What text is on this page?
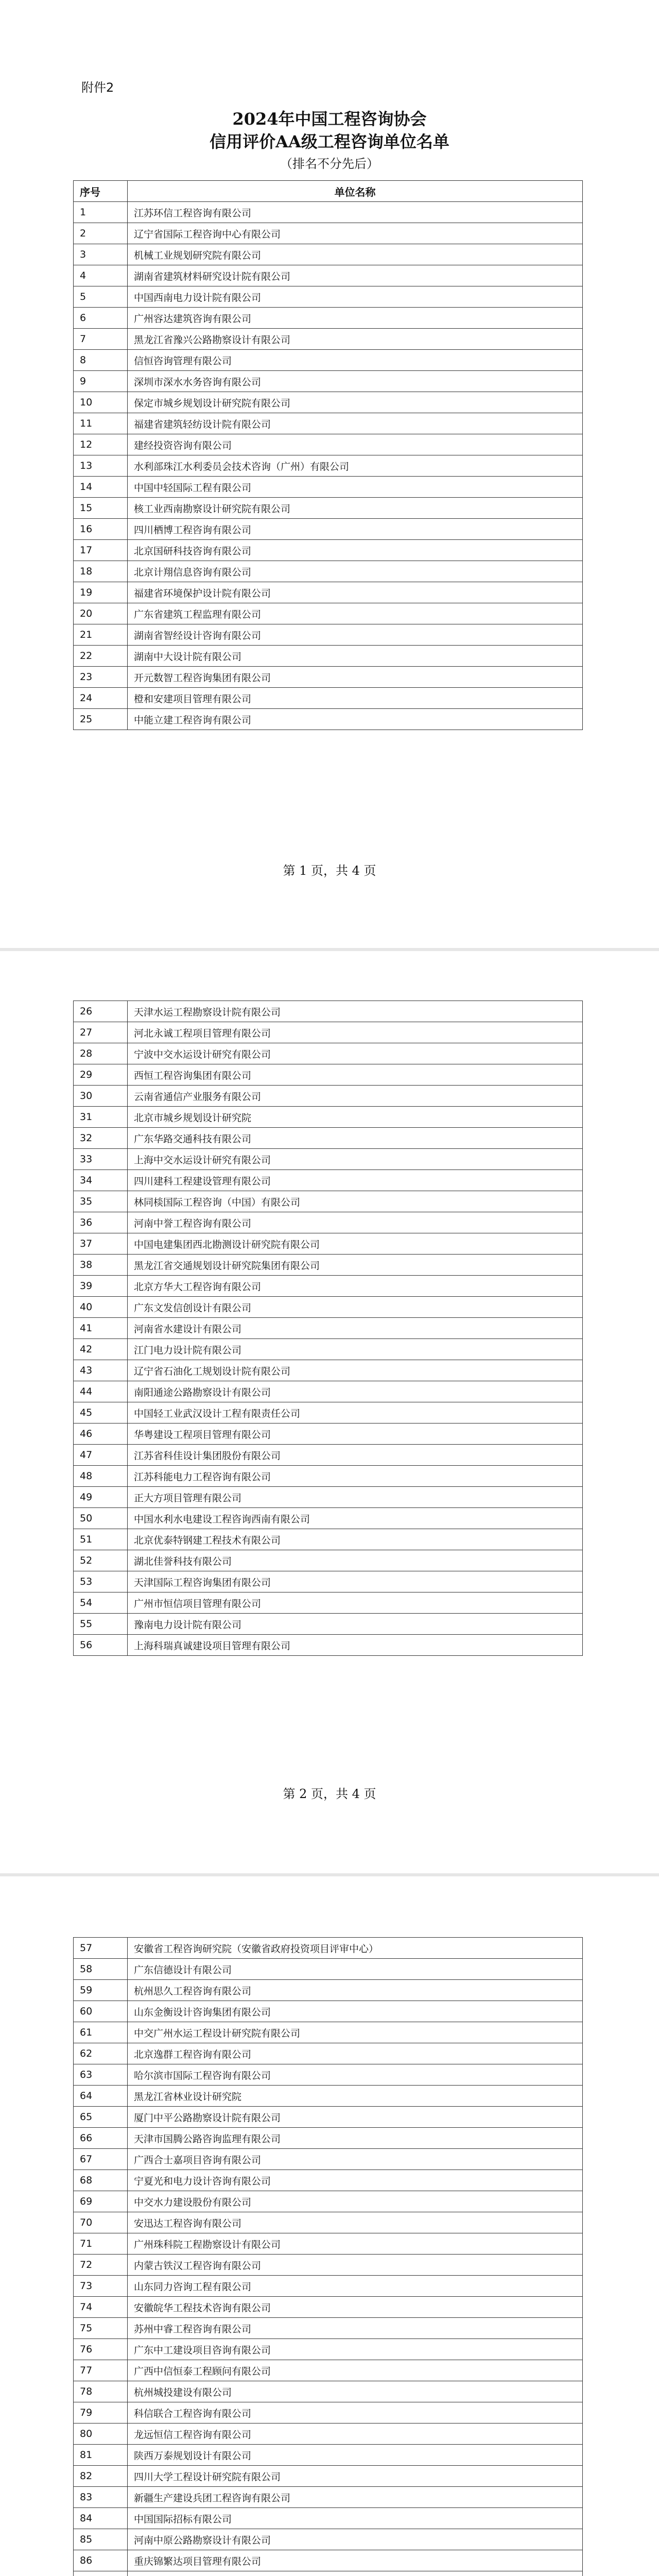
附件2
2024年中国工程咨询协会
信用评价AA级工程咨询单位名单
（排名不分先后）
序号	单位名称
1	江苏环信工程咨询有限公司
2	辽宁省国际工程咨询中心有限公司
3	机械工业规划研究院有限公司
4	湖南省建筑材料研究设计院有限公司
5	中国西南电力设计院有限公司
6	广州容达建筑咨询有限公司
7	黑龙江省豫兴公路勘察设计有限公司
8	信恒咨询管理有限公司
9	深圳市深水水务咨询有限公司
10	保定市城乡规划设计研究院有限公司
11	福建省建筑轻纺设计院有限公司
12	建经投资咨询有限公司
13	水利部珠江水利委员会技术咨询（广州）有限公司
14	中国中轻国际工程有限公司
15	核工业西南勘察设计研究院有限公司
16	四川栖博工程咨询有限公司
17	北京国研科技咨询有限公司
18	北京计翔信息咨询有限公司
19	福建省环境保护设计院有限公司
20	广东省建筑工程监理有限公司
21	湖南省智经设计咨询有限公司
22	湖南中大设计院有限公司
23	开元数智工程咨询集团有限公司
24	橙和安建项目管理有限公司
25	中能立建工程咨询有限公司
第 1 页，共 4 页
26	天津水运工程勘察设计院有限公司
27	河北永诚工程项目管理有限公司
28	宁波中交水运设计研究有限公司
29	西恒工程咨询集团有限公司
30	云南省通信产业服务有限公司
31	北京市城乡规划设计研究院
32	广东华路交通科技有限公司
33	上海中交水运设计研究有限公司
34	四川建科工程建设管理有限公司
35	林同棪国际工程咨询（中国）有限公司
36	河南中誉工程咨询有限公司
37	中国电建集团西北勘测设计研究院有限公司
38	黑龙江省交通规划设计研究院集团有限公司
39	北京方华大工程咨询有限公司
40	广东文发信创设计有限公司
41	河南省水建设计有限公司
42	江门电力设计院有限公司
43	辽宁省石油化工规划设计院有限公司
44	南阳通途公路勘察设计有限公司
45	中国轻工业武汉设计工程有限责任公司
46	华粤建设工程项目管理有限公司
47	江苏省科佳设计集团股份有限公司
48	江苏科能电力工程咨询有限公司
49	正大方项目管理有限公司
50	中国水利水电建设工程咨询西南有限公司
51	北京优泰特钢建工程技术有限公司
52	湖北佳誉科技有限公司
53	天津国际工程咨询集团有限公司
54	广州市恒信项目管理有限公司
55	豫南电力设计院有限公司
56	上海科瑞真诚建设项目管理有限公司
第 2 页，共 4 页
57	安徽省工程咨询研究院（安徽省政府投资项目评审中心）
58	广东信德设计有限公司
59	杭州思久工程咨询有限公司
60	山东金衡设计咨询集团有限公司
61	中交广州水运工程设计研究院有限公司
62	北京逸群工程咨询有限公司
63	哈尔滨市国际工程咨询有限公司
64	黑龙江省林业设计研究院
65	厦门中平公路勘察设计院有限公司
66	天津市国腾公路咨询监理有限公司
67	广西合士嘉项目咨询有限公司
68	宁夏光和电力设计咨询有限公司
69	中交水力建设股份有限公司
70	安迅达工程咨询有限公司
71	广州珠科院工程勘察设计有限公司
72	内蒙古铁汉工程咨询有限公司
73	山东同力咨询工程有限公司
74	安徽皖华工程技术咨询有限公司
75	苏州中睿工程咨询有限公司
76	广东中工建设项目咨询有限公司
77	广西中信恒泰工程顾问有限公司
78	杭州城投建设有限公司
79	科信联合工程咨询有限公司
80	龙远恒信工程咨询有限公司
81	陕西万泰规划设计有限公司
82	四川大学工程设计研究院有限公司
83	新疆生产建设兵团工程咨询有限公司
84	中国国际招标有限公司
85	河南中原公路勘察设计有限公司
86	重庆锦繁达项目管理有限公司
